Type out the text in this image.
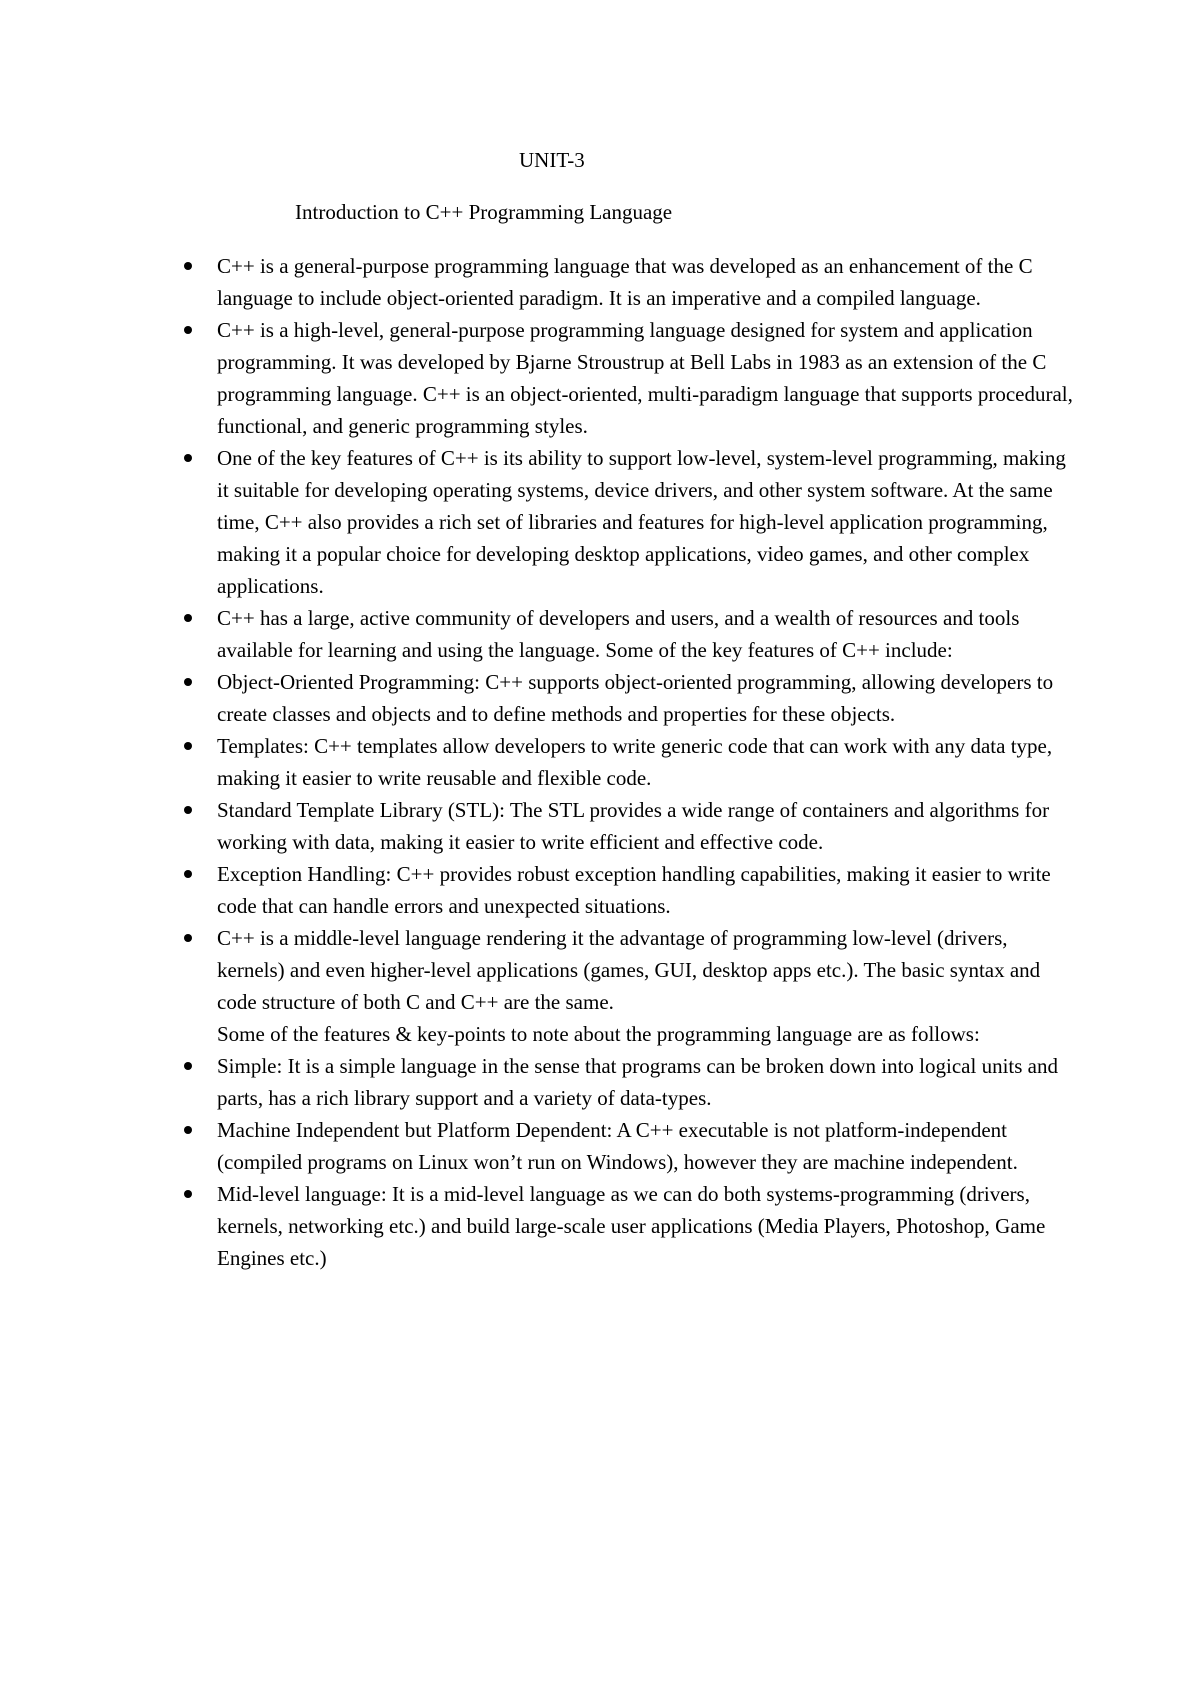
UNIT-3
Introduction to C++ Programming Language
C++ is a general-purpose programming language that was developed as an enhancement of the C language to include object-oriented paradigm. It is an imperative and a compiled language.
C++ is a high-level, general-purpose programming language designed for system and application programming. It was developed by Bjarne Stroustrup at Bell Labs in 1983 as an extension of the C programming language. C++ is an object-oriented, multi-paradigm language that supports procedural, functional, and generic programming styles.
One of the key features of C++ is its ability to support low-level, system-level programming, making it suitable for developing operating systems, device drivers, and other system software. At the same time, C++ also provides a rich set of libraries and features for high-level application programming, making it a popular choice for developing desktop applications, video games, and other complex applications.
C++ has a large, active community of developers and users, and a wealth of resources and tools available for learning and using the language. Some of the key features of C++ include:
Object-Oriented Programming: C++ supports object-oriented programming, allowing developers to create classes and objects and to define methods and properties for these objects.
Templates: C++ templates allow developers to write generic code that can work with any data type, making it easier to write reusable and flexible code.
Standard Template Library (STL): The STL provides a wide range of containers and algorithms for working with data, making it easier to write efficient and effective code.
Exception Handling: C++ provides robust exception handling capabilities, making it easier to write code that can handle errors and unexpected situations.
C++ is a middle-level language rendering it the advantage of programming low-level (drivers, kernels) and even higher-level applications (games, GUI, desktop apps etc.). The basic syntax and code structure of both C and C++ are the same.
Some of the features & key-points to note about the programming language are as follows:
Simple: It is a simple language in the sense that programs can be broken down into logical units and parts, has a rich library support and a variety of data-types.
Machine Independent but Platform Dependent: A C++ executable is not platform-independent (compiled programs on Linux won’t run on Windows), however they are machine independent.
Mid-level language: It is a mid-level language as we can do both systems-programming (drivers, kernels, networking etc.) and build large-scale user applications (Media Players, Photoshop, Game Engines etc.)
